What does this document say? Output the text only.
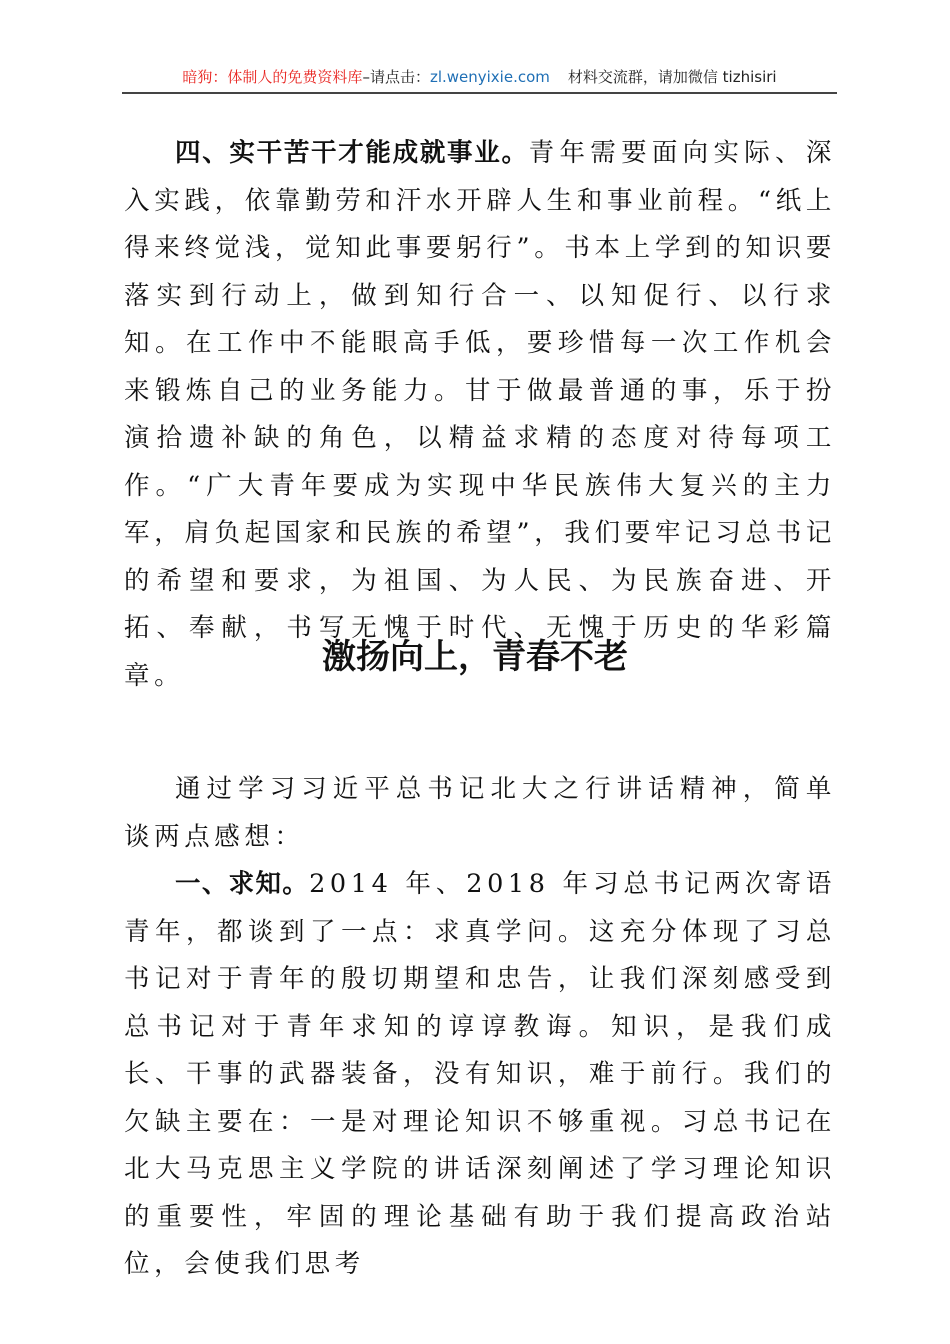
暗狗：体制人的免费资料库–请点击：zl.wenyixie.com 材料交流群，请加微信 tizhisiri

四、实干苦干才能成就事业。青年需要面向实际、深入实践，依靠勤劳和汗水开辟人生和事业前程。“纸上得来终觉浅，觉知此事要躬行”。书本上学到的知识要落实到行动上，做到知行合一、以知促行、以行求知。在工作中不能眼高手低，要珍惜每一次工作机会来锻炼自己的业务能力。甘于做最普通的事，乐于扮演拾遗补缺的角色，以精益求精的态度对待每项工作。“广大青年要成为实现中华民族伟大复兴的主力军，肩负起国家和民族的希望”，我们要牢记习总书记的希望和要求，为祖国、为人民、为民族奋进、开拓、奉献，书写无愧于时代、无愧于历史的华彩篇章。	激扬向上，青春不老

通过学习习近平总书记北大之行讲话精神，简单谈两点感想：

一、求知。2014 年、2018 年习总书记两次寄语青年，都谈到了一点：求真学问。这充分体现了习总书记对于青年的殷切期望和忠告，让我们深刻感受到总书记对于青年求知的谆谆教诲。知识，是我们成长、干事的武器装备，没有知识，难于前行。我们的欠缺主要在：一是对理论知识不够重视。习总书记在北大马克思主义学院的讲话深刻阐述了学习理论知识的重要性，牢固的理论基础有助于我们提高政治站位，会使我们思考
